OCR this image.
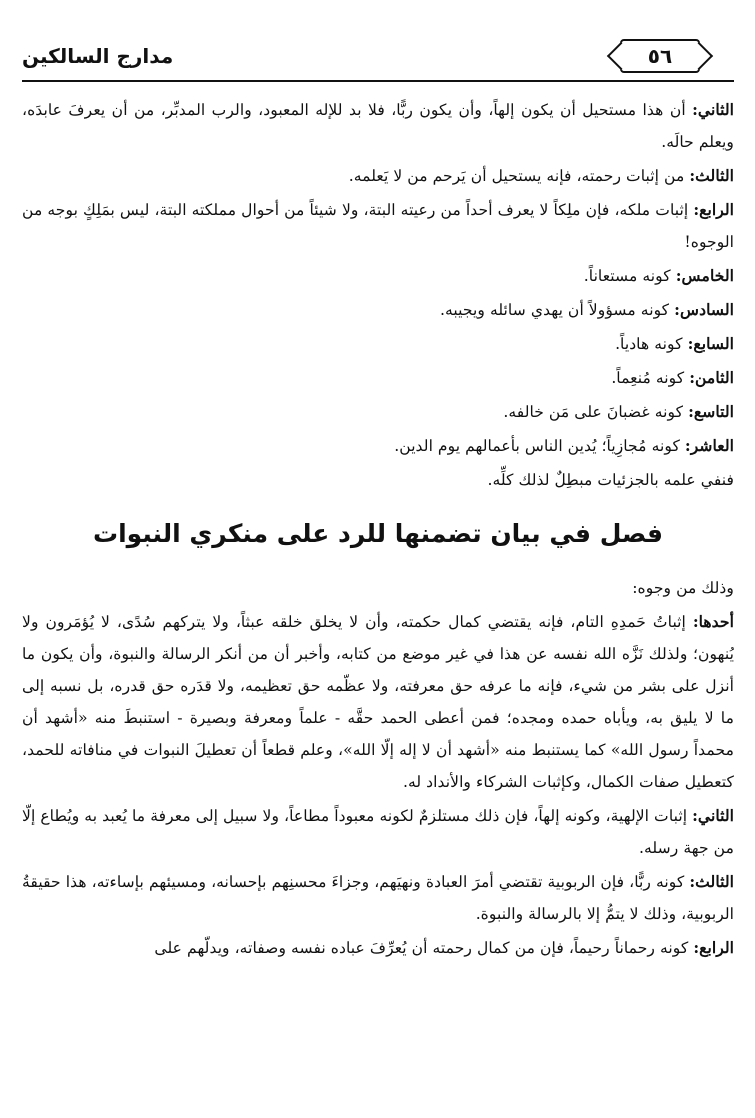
مدارج السالكين	٥٦

الثاني: أن هذا مستحيل أن يكون إلهاً، وأن يكون ربًّا، فلا بد للإله المعبود، والرب المدبِّر، من أن يعرفَ عابدَه، ويعلم حالَه.

الثالث: من إثبات رحمته، فإنه يستحيل أن يَرحم من لا يَعلمه.

الرابع: إثبات ملكه، فإن ملِكاً لا يعرف أحداً من رعيته البتة، ولا شيئاً من أحوال مملكته البتة، ليس بمَلِكٍ بوجه من الوجوه!

الخامس: كونه مستعاناً.

السادس: كونه مسؤولاً أن يهدي سائله ويجيبه.

السابع: كونه هادياً.

الثامن: كونه مُنعِماً.

التاسع: كونه غضبانَ على مَن خالفه.

العاشر: كونه مُجازِياً؛ يُدين الناس بأعمالهم يوم الدين.

فنفي علمه بالجزئيات مبطِلٌ لذلك كلِّه.

فصل في بيان تضمنها للرد على منكري النبوات

وذلك من وجوه:

أحدها: إثباتُ حَمدِهِ التام، فإنه يقتضي كمال حكمته، وأن لا يخلق خلقه عبثاً، ولا يتركهم سُدًى، لا يُؤمَرون ولا يُنهون؛ ولذلك نَزَّه الله نفسه عن هذا في غير موضع من كتابه، وأخبر أن من أنكر الرسالة والنبوة، وأن يكون ما أنزل على بشر من شيء، فإنه ما عرفه حق معرفته، ولا عظّمه حق تعظيمه، ولا قدَره حق قدره، بل نسبه إلى ما لا يليق به، ويأباه حمده ومجده؛ فمن أعطى الحمد حقَّه - علماً ومعرفة وبصيرة - استنبطَ منه «أشهد أن محمداً رسول الله» كما يستنبط منه «أشهد أن لا إله إلّا الله»، وعلم قطعاً أن تعطيلَ النبوات في منافاته للحمد، كتعطيل صفات الكمال، وكإثبات الشركاء والأنداد له.

الثاني: إثبات الإلهية، وكونه إلهاً، فإن ذلك مستلزمٌ لكونه معبوداً مطاعاً، ولا سبيل إلى معرفة ما يُعبد به ويُطاع إلّا من جهة رسله.

الثالث: كونه ربًّا، فإن الربوبية تقتضي أمرَ العبادة ونهيَهم، وجزاءَ محسنِهم بإحسانه، ومسيئهم بإساءته، هذا حقيقةُ الربوبية، وذلك لا يتمُّ إلا بالرسالة والنبوة.

الرابع: كونه رحماناً رحيماً، فإن من كمال رحمته أن يُعرِّفَ عباده نفسه وصفاته، ويدلّهم على
